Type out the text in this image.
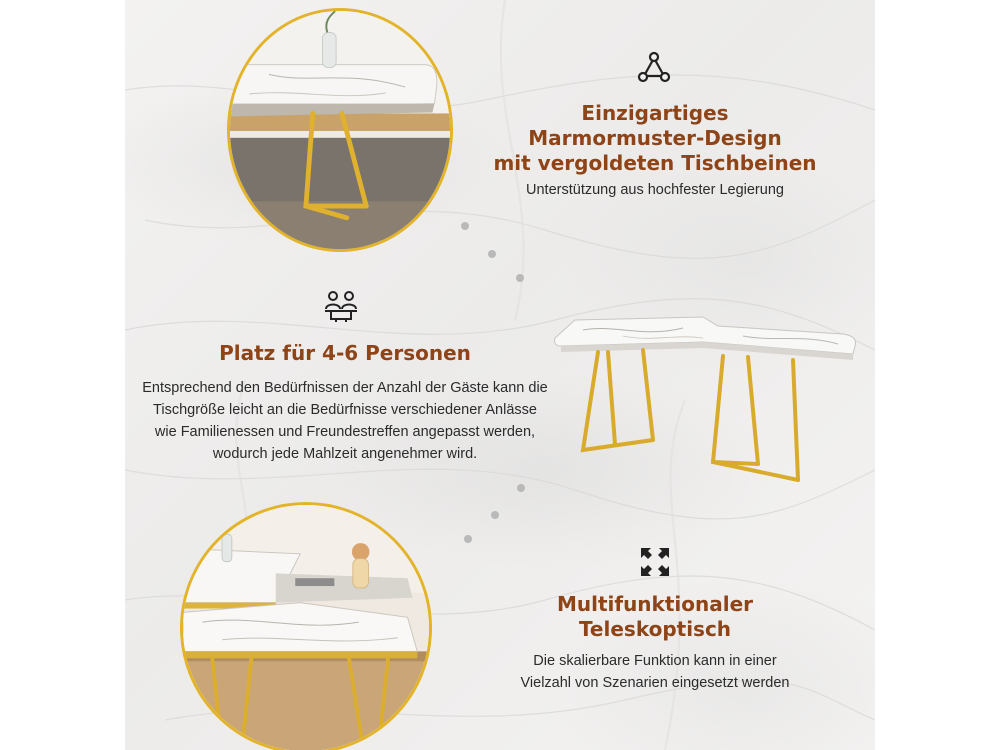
Einzigartiges
Marmormuster-Design
mit vergoldeten Tischbeinen

Unterstützung aus hochfester Legierung

Platz für 4-6 Personen

Entsprechend den Bedürfnissen der Anzahl der Gäste kann die
Tischgröße leicht an die Bedürfnisse verschiedener Anlässe
wie Familienessen und Freundestreffen angepasst werden,
wodurch jede Mahlzeit angenehmer wird.

Multifunktionaler
Teleskoptisch

Die skalierbare Funktion kann in einer
Vielzahl von Szenarien eingesetzt werden
